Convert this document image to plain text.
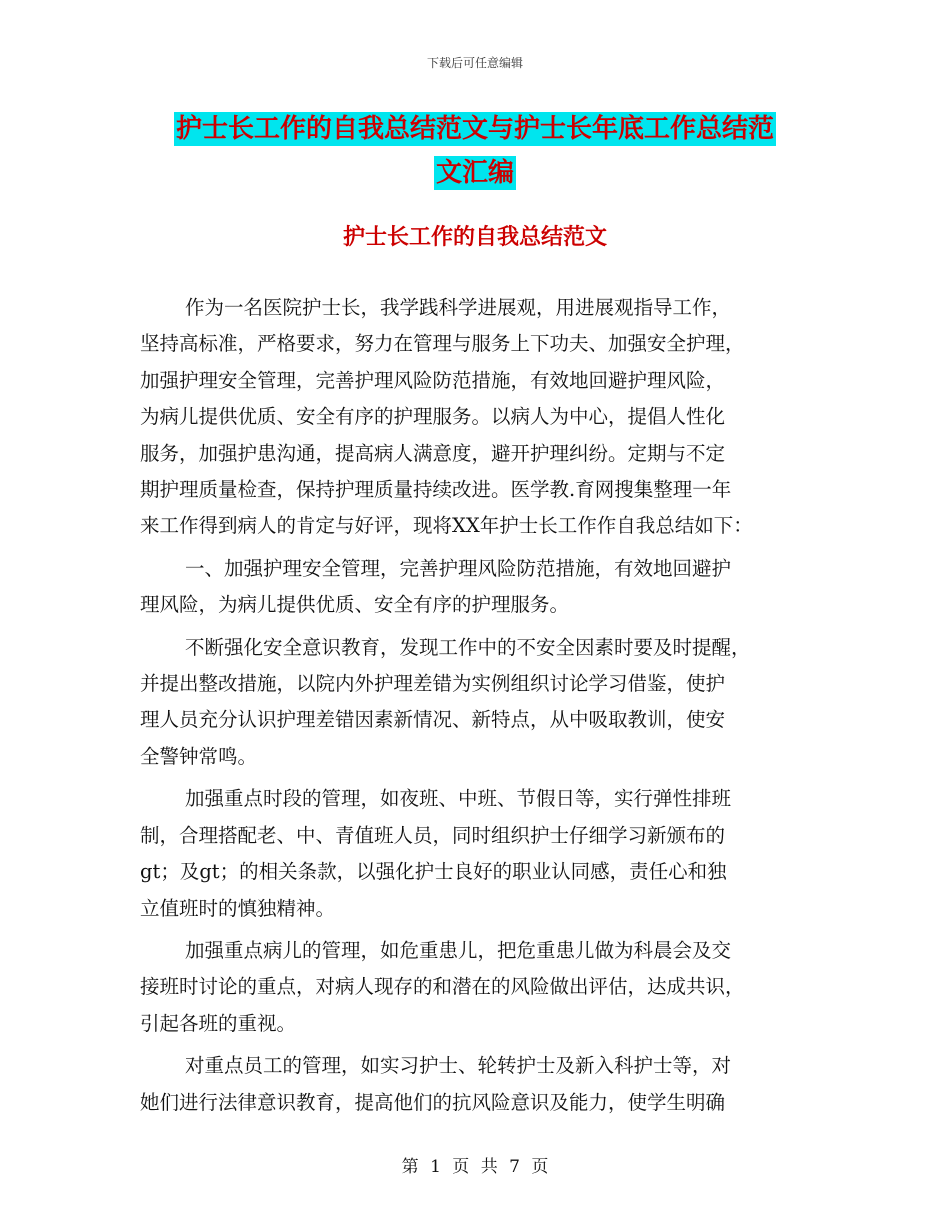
下载后可任意编辑
护士长工作的自我总结范文与护士长年底工作总结范
文汇编
护士长工作的自我总结范文
作为一名医院护士长，我学践科学进展观，用进展观指导工作，
坚持高标准，严格要求，努力在管理与服务上下功夫、加强安全护理，
加强护理安全管理，完善护理风险防范措施，有效地回避护理风险，
为病儿提供优质、安全有序的护理服务。以病人为中心，提倡人性化
服务，加强护患沟通，提高病人满意度，避开护理纠纷。定期与不定
期护理质量检查，保持护理质量持续改进。医学教.育网搜集整理一年
来工作得到病人的肯定与好评，现将XX年护士长工作作自我总结如下：
一、加强护理安全管理，完善护理风险防范措施，有效地回避护
理风险，为病儿提供优质、安全有序的护理服务。
不断强化安全意识教育，发现工作中的不安全因素时要及时提醒，
并提出整改措施，以院内外护理差错为实例组织讨论学习借鉴，使护
理人员充分认识护理差错因素新情况、新特点，从中吸取教训，使安
全警钟常鸣。
加强重点时段的管理，如夜班、中班、节假日等，实行弹性排班
制，合理搭配老、中、青值班人员，同时组织护士仔细学习新颁布的
gt；及gt；的相关条款，以强化护士良好的职业认同感，责任心和独
立值班时的慎独精神。
加强重点病儿的管理，如危重患儿，把危重患儿做为科晨会及交
接班时讨论的重点，对病人现存的和潜在的风险做出评估，达成共识，
引起各班的重视。
对重点员工的管理，如实习护士、轮转护士及新入科护士等，对
她们进行法律意识教育，提高他们的抗风险意识及能力，使学生明确
第 1 页 共 7 页
